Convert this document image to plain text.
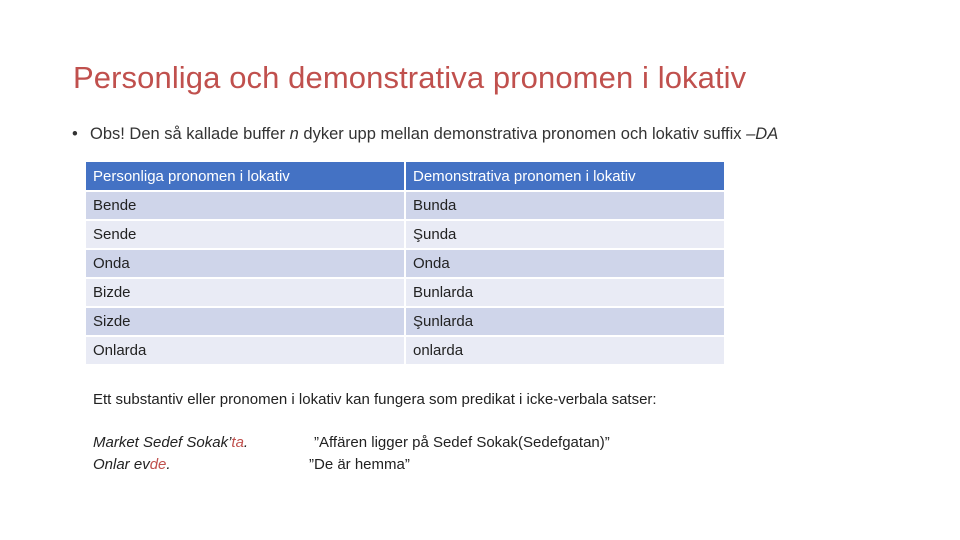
Personliga och demonstrativa pronomen i lokativ
• Obs! Den så kallade buffer n dyker upp mellan demonstrativa pronomen och lokativ suffix –DA
Personliga pronomen i lokativ	Demonstrativa pronomen i lokativ
Bende	Bunda
Sende	Şunda
Onda	Onda
Bizde	Bunlarda
Sizde	Şunlarda
Onlarda	onlarda
Ett substantiv eller pronomen i lokativ kan fungera som predikat i icke-verbala satser:
Market Sedef Sokak’ta.	”Affären ligger på Sedef Sokak(Sedefgatan)”
Onlar evde.	”De är hemma”
